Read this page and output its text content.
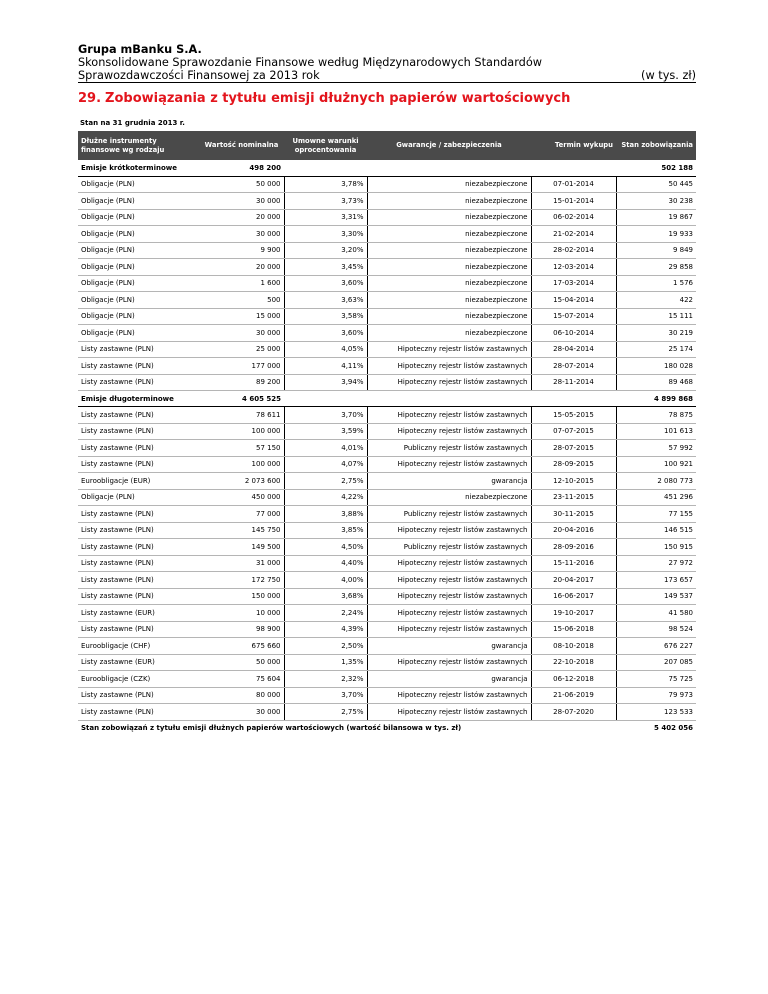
Grupa mBanku S.A.
Skonsolidowane Sprawozdanie Finansowe według Międzynarodowych Standardów
Sprawozdawczości Finansowej za 2013 rok	(w tys. zł)
29. Zobowiązania z tytułu emisji dłużnych papierów wartościowych
Stan na 31 grudnia 2013 r.
Dłużne instrumenty finansowe wg rodzaju	Wartość nominalna	Umowne warunki oprocentowania	Gwarancje / zabezpieczenia	Termin wykupu	Stan zobowiązania
Emisje krótkoterminowe	498 200				502 188
Obligacje (PLN)	50 000	3,78%	niezabezpieczone	07-01-2014	50 445
Obligacje (PLN)	30 000	3,73%	niezabezpieczone	15-01-2014	30 238
Obligacje (PLN)	20 000	3,31%	niezabezpieczone	06-02-2014	19 867
Obligacje (PLN)	30 000	3,30%	niezabezpieczone	21-02-2014	19 933
Obligacje (PLN)	9 900	3,20%	niezabezpieczone	28-02-2014	9 849
Obligacje (PLN)	20 000	3,45%	niezabezpieczone	12-03-2014	29 858
Obligacje (PLN)	1 600	3,60%	niezabezpieczone	17-03-2014	1 576
Obligacje (PLN)	500	3,63%	niezabezpieczone	15-04-2014	422
Obligacje (PLN)	15 000	3,58%	niezabezpieczone	15-07-2014	15 111
Obligacje (PLN)	30 000	3,60%	niezabezpieczone	06-10-2014	30 219
Listy zastawne (PLN)	25 000	4,05%	Hipoteczny rejestr listów zastawnych	28-04-2014	25 174
Listy zastawne (PLN)	177 000	4,11%	Hipoteczny rejestr listów zastawnych	28-07-2014	180 028
Listy zastawne (PLN)	89 200	3,94%	Hipoteczny rejestr listów zastawnych	28-11-2014	89 468
Emisje długoterminowe	4 605 525				4 899 868
Listy zastawne (PLN)	78 611	3,70%	Hipoteczny rejestr listów zastawnych	15-05-2015	78 875
Listy zastawne (PLN)	100 000	3,59%	Hipoteczny rejestr listów zastawnych	07-07-2015	101 613
Listy zastawne (PLN)	57 150	4,01%	Publiczny rejestr listów zastawnych	28-07-2015	57 992
Listy zastawne (PLN)	100 000	4,07%	Hipoteczny rejestr listów zastawnych	28-09-2015	100 921
Euroobligacje (EUR)	2 073 600	2,75%	gwarancja	12-10-2015	2 080 773
Obligacje (PLN)	450 000	4,22%	niezabezpieczone	23-11-2015	451 296
Listy zastawne (PLN)	77 000	3,88%	Publiczny rejestr listów zastawnych	30-11-2015	77 155
Listy zastawne (PLN)	145 750	3,85%	Hipoteczny rejestr listów zastawnych	20-04-2016	146 515
Listy zastawne (PLN)	149 500	4,50%	Publiczny rejestr listów zastawnych	28-09-2016	150 915
Listy zastawne (PLN)	31 000	4,40%	Hipoteczny rejestr listów zastawnych	15-11-2016	27 972
Listy zastawne (PLN)	172 750	4,00%	Hipoteczny rejestr listów zastawnych	20-04-2017	173 657
Listy zastawne (PLN)	150 000	3,68%	Hipoteczny rejestr listów zastawnych	16-06-2017	149 537
Listy zastawne (EUR)	10 000	2,24%	Hipoteczny rejestr listów zastawnych	19-10-2017	41 580
Listy zastawne (PLN)	98 900	4,39%	Hipoteczny rejestr listów zastawnych	15-06-2018	98 524
Euroobligacje (CHF)	675 660	2,50%	gwarancja	08-10-2018	676 227
Listy zastawne (EUR)	50 000	1,35%	Hipoteczny rejestr listów zastawnych	22-10-2018	207 085
Euroobligacje (CZK)	75 604	2,32%	gwarancja	06-12-2018	75 725
Listy zastawne (PLN)	80 000	3,70%	Hipoteczny rejestr listów zastawnych	21-06-2019	79 973
Listy zastawne (PLN)	30 000	2,75%	Hipoteczny rejestr listów zastawnych	28-07-2020	123 533
Stan zobowiązań z tytułu emisji dłużnych papierów wartościowych (wartość bilansowa w tys. zł)					5 402 056
